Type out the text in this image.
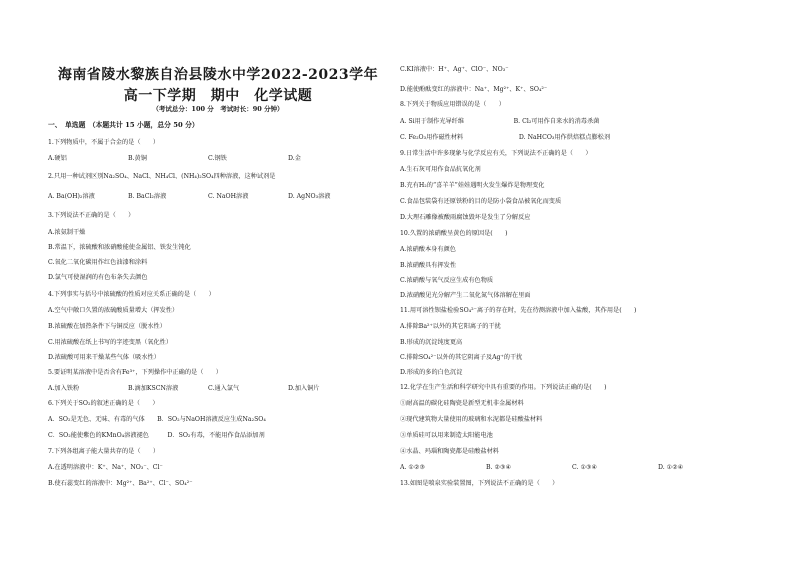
海南省陵水黎族自治县陵水中学2022-2023学年
高一下学期　期中　化学试题
（考试总分：100 分　考试时长：90 分钟）
一、　单选题　（本题共计 15 小题，总分 50 分）
1.下列物质中，不属于合金的是（　　）
A.硬铝	B.黄铜	C.钢铁	D.金
2.只用一种试剂区别Na₂SO₄、NaCl、NH₄Cl、(NH₄)₂SO₄四种溶液，这种试剂是
A. Ba(OH)₂溶液	B. BaCl₂溶液	C. NaOH溶液	D. AgNO₃溶液
3.下列说法不正确的是（　　）
A.浓氨制干燥
B.常温下，浓硫酸和浓硝酸能使金属铝、铁发生钝化
C.氧化二氧化碳用作红色油漆和涂料
D.氯气可使湿润的有色布条失去颜色
4.下列事实与括号中浓硫酸的性质对应关系正确的是（　　）
A.空气中敞口久置的浓硫酸质量增大（挥发性）
B.浓硫酸在加热条件下与铜反应（脱水性）
C.用浓硫酸在纸上书写的字迹变黑（氧化性）
D.浓硫酸可用来干燥某些气体（吸水性）
5.要证明某溶液中是否含有Fe³⁺，下列操作中正确的是（　　）
A.加入铁粉	B.滴加KSCN溶液	C.通入氯气	D.加入铜片
6.下列关于SO₂的叙述正确的是（　　）
A．SO₂是无色、无味、有毒的气体　　B．SO₂与NaOH溶液反应生成Na₂SO₄
C．SO₂能使紫色的KMnO₄溶液褪色　　　D．SO₂有毒，不能用作食品添加剂
7.下列各组离子能大量共存的是（　　）
A.在透明溶液中：K⁺、Na⁺、NO₃⁻、Cl⁻
B.使石蕊变红的溶液中：Mg²⁺、Ba²⁺、Cl⁻、SO₄²⁻
C.KI溶液中：H⁺、Ag⁺、ClO⁻、NO₃⁻
D.能使酚酞变红的溶液中：Na⁺、Mg²⁺、K⁺、SO₄²⁻
8.下列关于物质应用错误的是（　　）
A. Si用于制作光导纤维　　　　　　　　B. Cl₂可用作自来水的消毒杀菌
C. Fe₂O₃用作磁性材料　　　　　　　　　D. NaHCO₃用作烘焙糕点膨松剂
9.日常生活中许多现象与化学反应有关，下列说法不正确的是（　　）
A.生石灰可用作食品抗氧化剂
B.充有H₂的“喜羊羊”娃娃遇明火发生爆炸是物理变化
C.食品包装袋有还原铁粉的目的是防小袋食品被氧化而变质
D.大理石雕像被酸雨腐蚀毁坏是发生了分解反应
10.久置的浓硝酸呈黄色的原因是(　　)
A.浓硝酸本身有颜色
B.浓硝酸具有挥发性
C.浓硝酸与氧气反应生成有色物质
D.浓硝酸见光分解产生二氧化氮气体溶解在里面
11.用可溶性钡盐检验SO₄²⁻离子的存在时，先在待测溶液中加入盐酸，其作用是(　　)
A.排除Ba²⁺以外的其它阳离子的干扰
B.形成的沉淀纯度更高
C.排除SO₄²⁻以外的其它阴离子及Ag⁺的干扰
D.形成的多的白色沉淀
12.化学在生产生活和科学研究中具有重要的作用。下列说法正确的是(　　)
①耐高温的碳化硅陶瓷是新型无机非金属材料
②现代建筑物大量使用的玻璃和水泥都是硅酸盐材料
③单质硅可以用来制造太阳能电池
④水晶、玛瑙和陶瓷都是硅酸盐材料
A. ①②③	B. ②③④	C. ①③④	D. ①②④
13.如图是喷泉实验装置图，下列说法不正确的是（　　）
